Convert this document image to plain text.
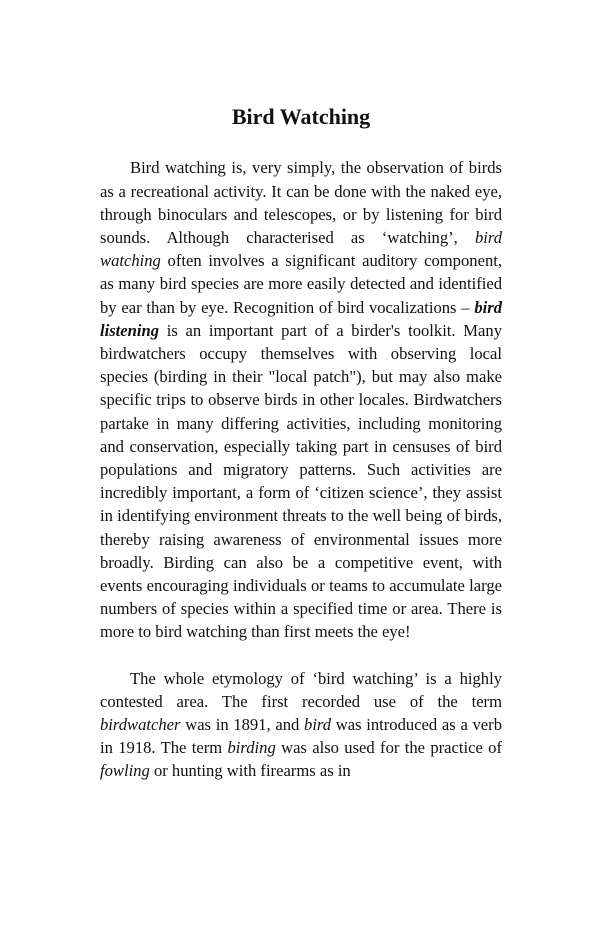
Bird Watching

Bird watching is, very simply, the observation of birds as a recreational activity. It can be done with the naked eye, through binoculars and telescopes, or by listening for bird sounds. Although characterised as ‘watching’, bird watching often involves a significant auditory component, as many bird species are more easily detected and identified by ear than by eye. Recognition of bird vocalizations – bird listening is an important part of a birder's toolkit. Many birdwatchers occupy themselves with observing local species (birding in their "local patch"), but may also make specific trips to observe birds in other locales. Birdwatchers partake in many differing activities, including monitoring and conservation, especially taking part in censuses of bird populations and migratory patterns. Such activities are incredibly important, a form of ‘citizen science’, they assist in identifying environment threats to the well being of birds, thereby raising awareness of environmental issues more broadly. Birding can also be a competitive event, with events encouraging individuals or teams to accumulate large numbers of species within a specified time or area. There is more to bird watching than first meets the eye!

The whole etymology of ‘bird watching’ is a highly contested area. The first recorded use of the term birdwatcher was in 1891, and bird was introduced as a verb in 1918. The term birding was also used for the practice of fowling or hunting with firearms as in
